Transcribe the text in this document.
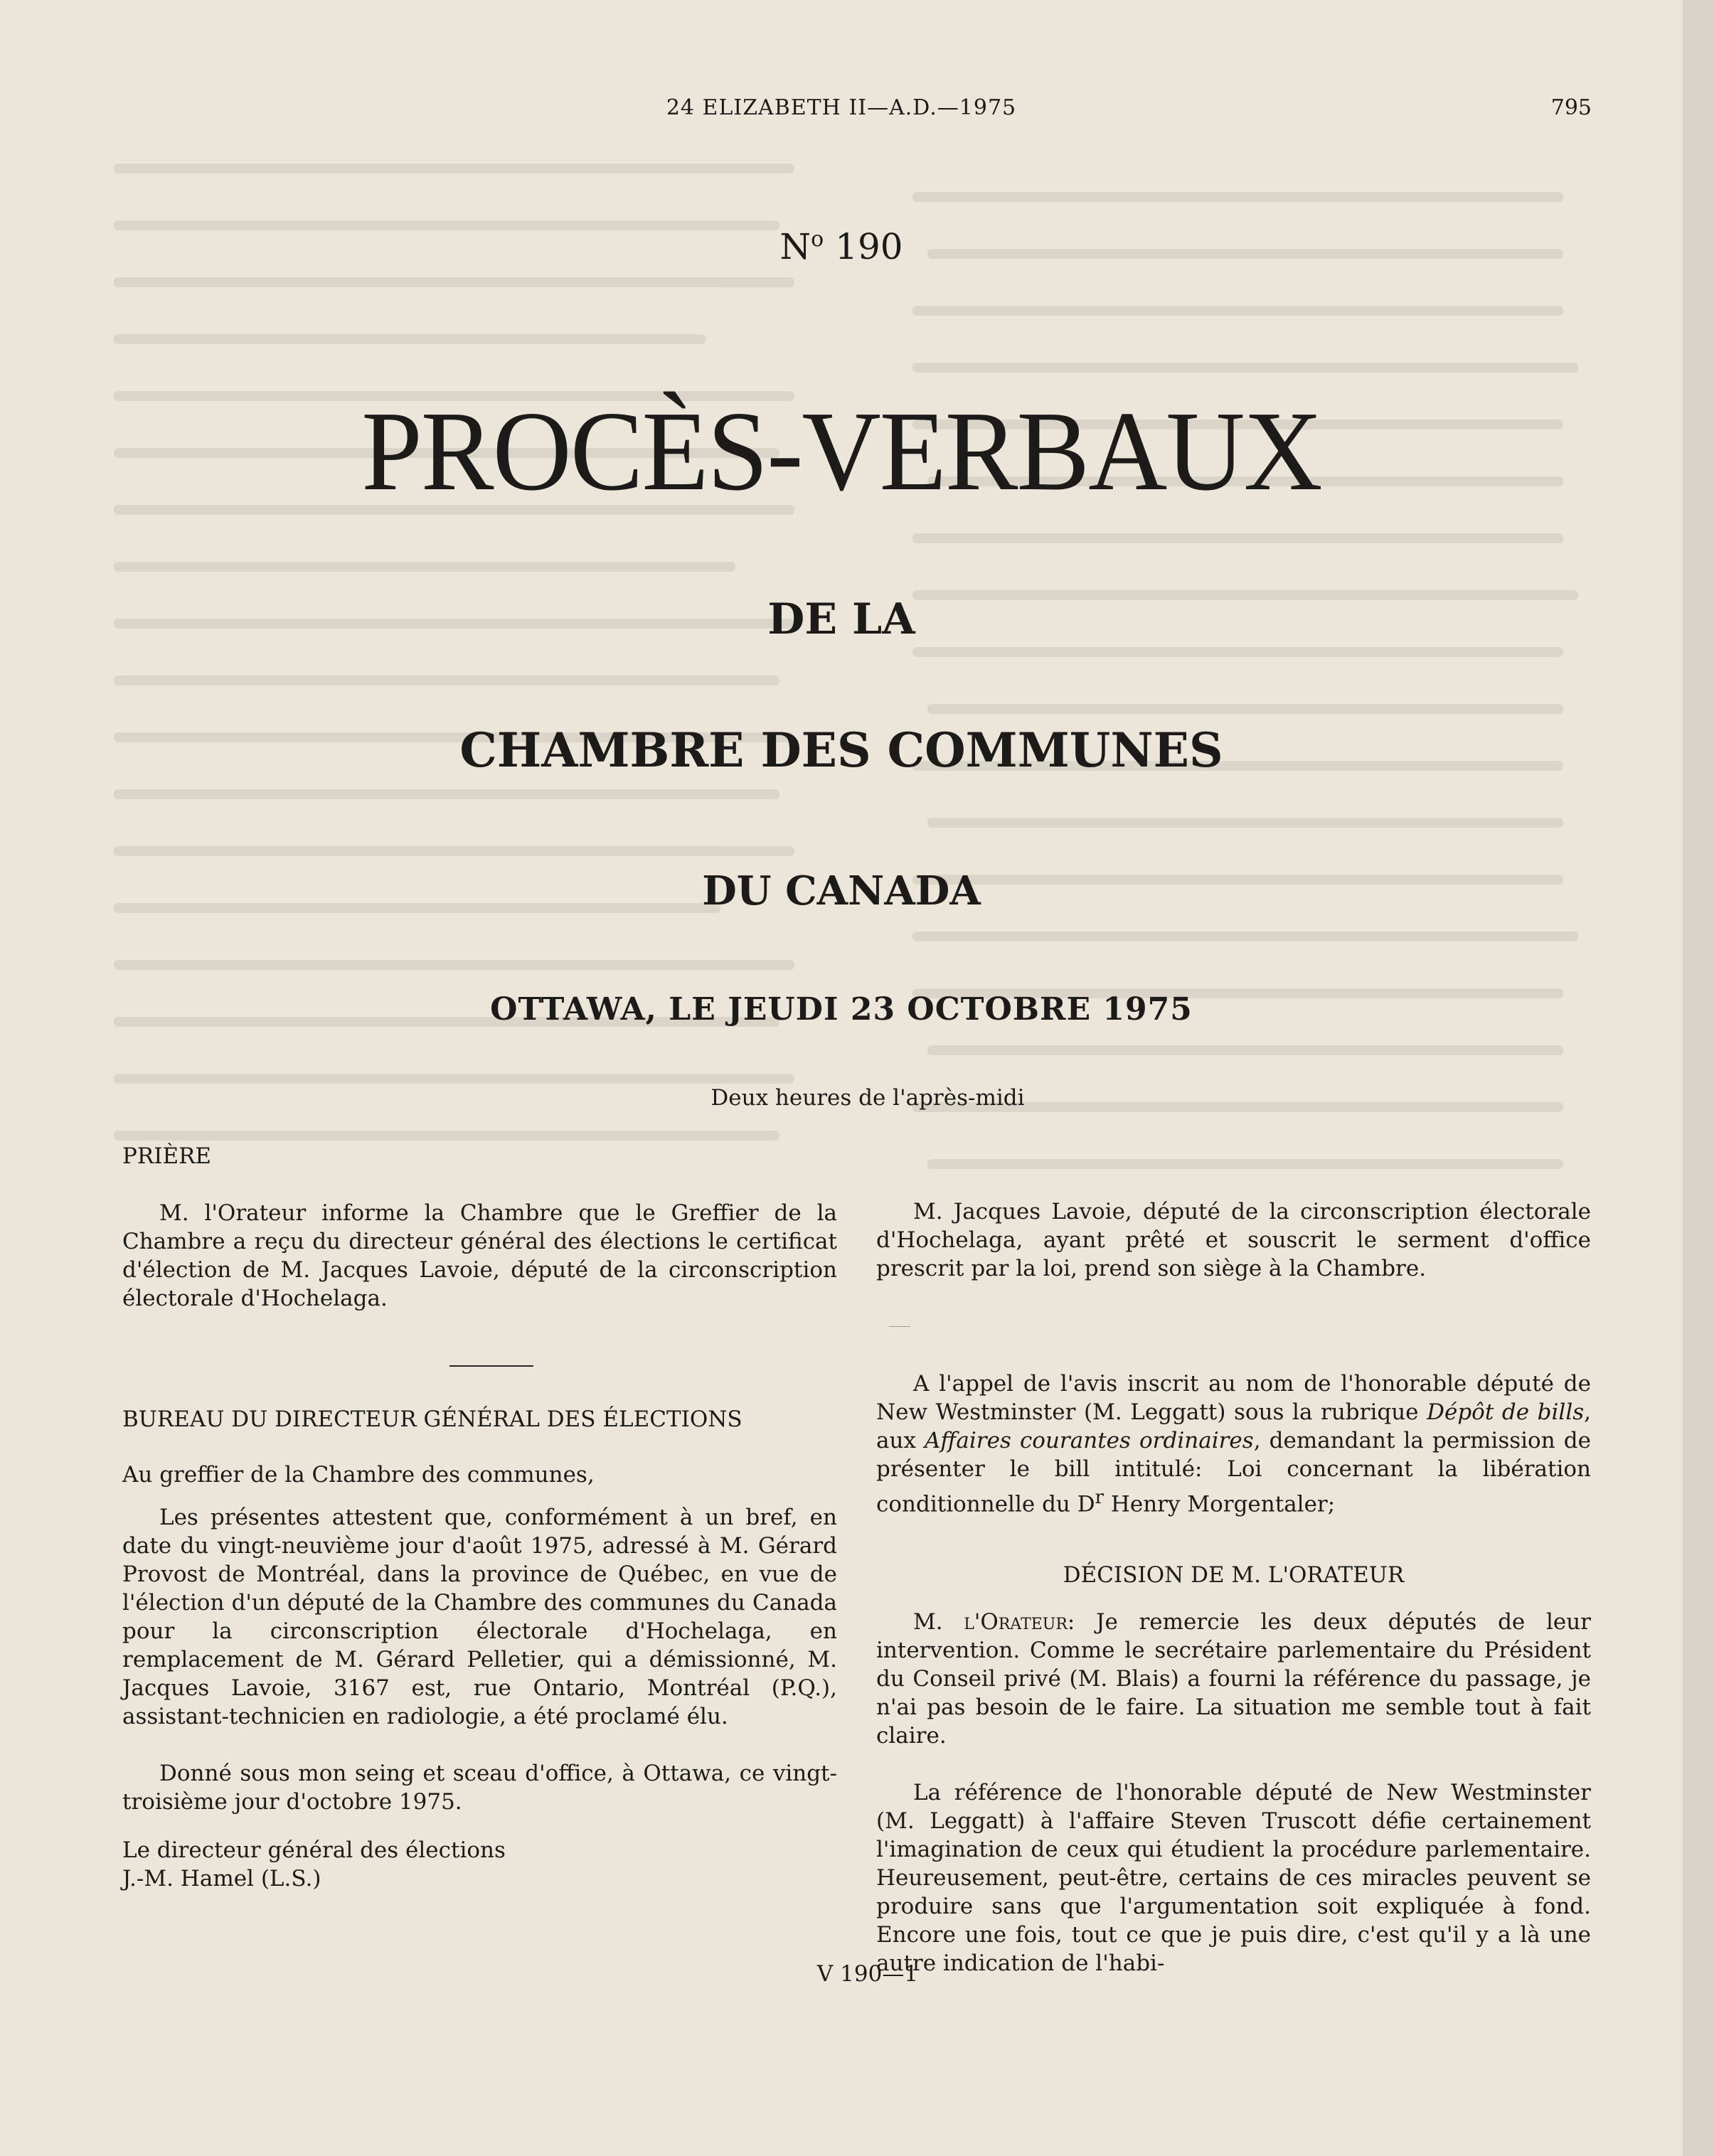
24 ELIZABETH II—A.D.—1975	795
$N^o$ 190
PROCÈS-VERBAUX
DE LA
CHAMBRE DES COMMUNES
DU CANADA
OTTAWA, LE JEUDI 23 OCTOBRE 1975
Deux heures de l'après-midi
PRIÈRE

M. l'Orateur informe la Chambre que le Greffier de la Chambre a reçu du directeur général des élections le certificat d'élection de M. Jacques Lavoie, député de la circonscription électorale d'Hochelaga.

BUREAU DU DIRECTEUR GÉNÉRAL DES ÉLECTIONS
Au greffier de la Chambre des communes,

Les présentes attestent que, conformément à un bref, en date du vingt-neuvième jour d'août 1975, adressé à M. Gérard Provost de Montréal, dans la province de Québec, en vue de l'élection d'un député de la Chambre des communes du Canada pour la circonscription électorale d'Hochelaga, en remplacement de M. Gérard Pelletier, qui a démissionné, M. Jacques Lavoie, 3167 est, rue Ontario, Montréal (P.Q.), assistant-technicien en radiologie, a été proclamé élu.

Donné sous mon seing et sceau d'office, à Ottawa, ce vingt-troisième jour d'octobre 1975.

Le directeur général des élections
J.-M. Hamel (L.S.)

M. Jacques Lavoie, député de la circonscription électorale d'Hochelaga, ayant prêté et souscrit le serment d'office prescrit par la loi, prend son siège à la Chambre.

A l'appel de l'avis inscrit au nom de l'honorable député de New Westminster (M. Leggatt) sous la rubrique Dépôt de bills, aux Affaires courantes ordinaires, demandant la permission de présenter le bill intitulé: Loi concernant la libération conditionnelle du $D^r$ Henry Morgentaler;

DÉCISION DE M. L'ORATEUR

M. l'Orateur: Je remercie les deux députés de leur intervention. Comme le secrétaire parlementaire du Président du Conseil privé (M. Blais) a fourni la référence du passage, je n'ai pas besoin de le faire. La situation me semble tout à fait claire.

La référence de l'honorable député de New Westminster (M. Leggatt) à l'affaire Steven Truscott défie certainement l'imagination de ceux qui étudient la procédure parlementaire. Heureusement, peut-être, certains de ces miracles peuvent se produire sans que l'argumentation soit expliquée à fond. Encore une fois, tout ce que je puis dire, c'est qu'il y a là une autre indication de l'habi-

V 190—1
